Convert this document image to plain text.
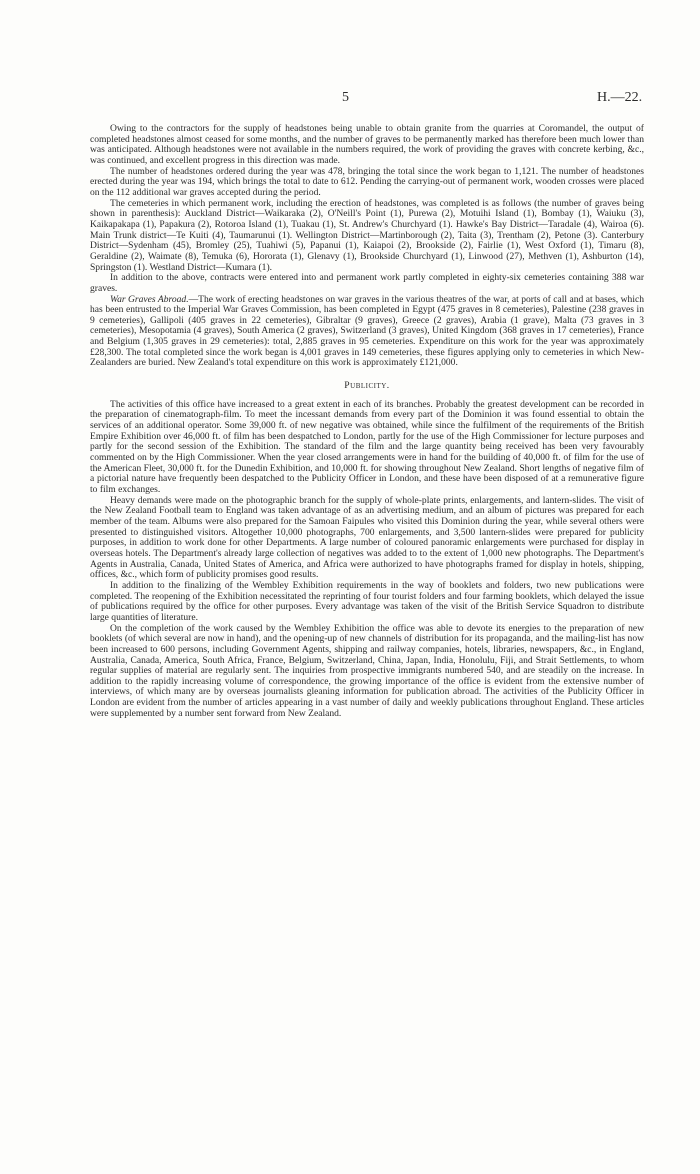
5	H.—22.

Owing to the contractors for the supply of headstones being unable to obtain granite from the quarries at Coromandel, the output of completed headstones almost ceased for some months, and the number of graves to be permanently marked has therefore been much lower than was anticipated. Although headstones were not available in the numbers required, the work of providing the graves with concrete kerbing, &c., was continued, and excellent progress in this direction was made.

The number of headstones ordered during the year was 478, bringing the total since the work began to 1,121. The number of headstones erected during the year was 194, which brings the total to date to 612. Pending the carrying-out of permanent work, wooden crosses were placed on the 112 additional war graves accepted during the period.

The cemeteries in which permanent work, including the erection of headstones, was completed is as follows (the number of graves being shown in parenthesis): Auckland District—Waikaraka (2), O'Neill's Point (1), Purewa (2), Motuihi Island (1), Bombay (1), Waiuku (3), Kaikapakapa (1), Papakura (2), Rotoroa Island (1), Tuakau (1), St. Andrew's Churchyard (1). Hawke's Bay District—Taradale (4), Wairoa (6). Main Trunk district—Te Kuiti (4), Taumarunui (1). Wellington District—Martinborough (2), Taita (3), Trentham (2), Petone (3). Canterbury District—Sydenham (45), Bromley (25), Tuahiwi (5), Papanui (1), Kaiapoi (2), Brookside (2), Fairlie (1), West Oxford (1), Timaru (8), Geraldine (2), Waimate (8), Temuka (6), Hororata (1), Glenavy (1), Brookside Churchyard (1), Linwood (27), Methven (1), Ashburton (14), Springston (1). Westland District—Kumara (1).

In addition to the above, contracts were entered into and permanent work partly completed in eighty-six cemeteries containing 388 war graves.

War Graves Abroad.—The work of erecting headstones on war graves in the various theatres of the war, at ports of call and at bases, which has been entrusted to the Imperial War Graves Commission, has been completed in Egypt (475 graves in 8 cemeteries), Palestine (238 graves in 9 cemeteries), Gallipoli (405 graves in 22 cemeteries), Gibraltar (9 graves), Greece (2 graves), Arabia (1 grave), Malta (73 graves in 3 cemeteries), Mesopotamia (4 graves), South America (2 graves), Switzerland (3 graves), United Kingdom (368 graves in 17 cemeteries), France and Belgium (1,305 graves in 29 cemeteries): total, 2,885 graves in 95 cemeteries. Expenditure on this work for the year was approximately £28,300. The total completed since the work began is 4,001 graves in 149 cemeteries, these figures applying only to cemeteries in which New-Zealanders are buried. New Zealand's total expenditure on this work is approximately £121,000.

Publicity.

The activities of this office have increased to a great extent in each of its branches. Probably the greatest development can be recorded in the preparation of cinematograph-film. To meet the incessant demands from every part of the Dominion it was found essential to obtain the services of an additional operator. Some 39,000 ft. of new negative was obtained, while since the fulfilment of the requirements of the British Empire Exhibition over 46,000 ft. of film has been despatched to London, partly for the use of the High Commissioner for lecture purposes and partly for the second session of the Exhibition. The standard of the film and the large quantity being received has been very favourably commented on by the High Commissioner. When the year closed arrangements were in hand for the building of 40,000 ft. of film for the use of the American Fleet, 30,000 ft. for the Dunedin Exhibition, and 10,000 ft. for showing throughout New Zealand. Short lengths of negative film of a pictorial nature have frequently been despatched to the Publicity Officer in London, and these have been disposed of at a remunerative figure to film exchanges.

Heavy demands were made on the photographic branch for the supply of whole-plate prints, enlargements, and lantern-slides. The visit of the New Zealand Football team to England was taken advantage of as an advertising medium, and an album of pictures was prepared for each member of the team. Albums were also prepared for the Samoan Faipules who visited this Dominion during the year, while several others were presented to distinguished visitors. Altogether 10,000 photographs, 700 enlargements, and 3,500 lantern-slides were prepared for publicity purposes, in addition to work done for other Departments. A large number of coloured panoramic enlargements were purchased for display in overseas hotels. The Department's already large collection of negatives was added to to the extent of 1,000 new photographs. The Department's Agents in Australia, Canada, United States of America, and Africa were authorized to have photographs framed for display in hotels, shipping, offices, &c., which form of publicity promises good results.

In addition to the finalizing of the Wembley Exhibition requirements in the way of booklets and folders, two new publications were completed. The reopening of the Exhibition necessitated the reprinting of four tourist folders and four farming booklets, which delayed the issue of publications required by the office for other purposes. Every advantage was taken of the visit of the British Service Squadron to distribute large quantities of literature.

On the completion of the work caused by the Wembley Exhibition the office was able to devote its energies to the preparation of new booklets (of which several are now in hand), and the opening-up of new channels of distribution for its propaganda, and the mailing-list has now been increased to 600 persons, including Government Agents, shipping and railway companies, hotels, libraries, newspapers, &c., in England, Australia, Canada, America, South Africa, France, Belgium, Switzerland, China, Japan, India, Honolulu, Fiji, and Strait Settlements, to whom regular supplies of material are regularly sent. The inquiries from prospective immigrants numbered 540, and are steadily on the increase. In addition to the rapidly increasing volume of correspondence, the growing importance of the office is evident from the extensive number of interviews, of which many are by overseas journalists gleaning information for publication abroad. The activities of the Publicity Officer in London are evident from the number of articles appearing in a vast number of daily and weekly publications throughout England. These articles were supplemented by a number sent forward from New Zealand.
